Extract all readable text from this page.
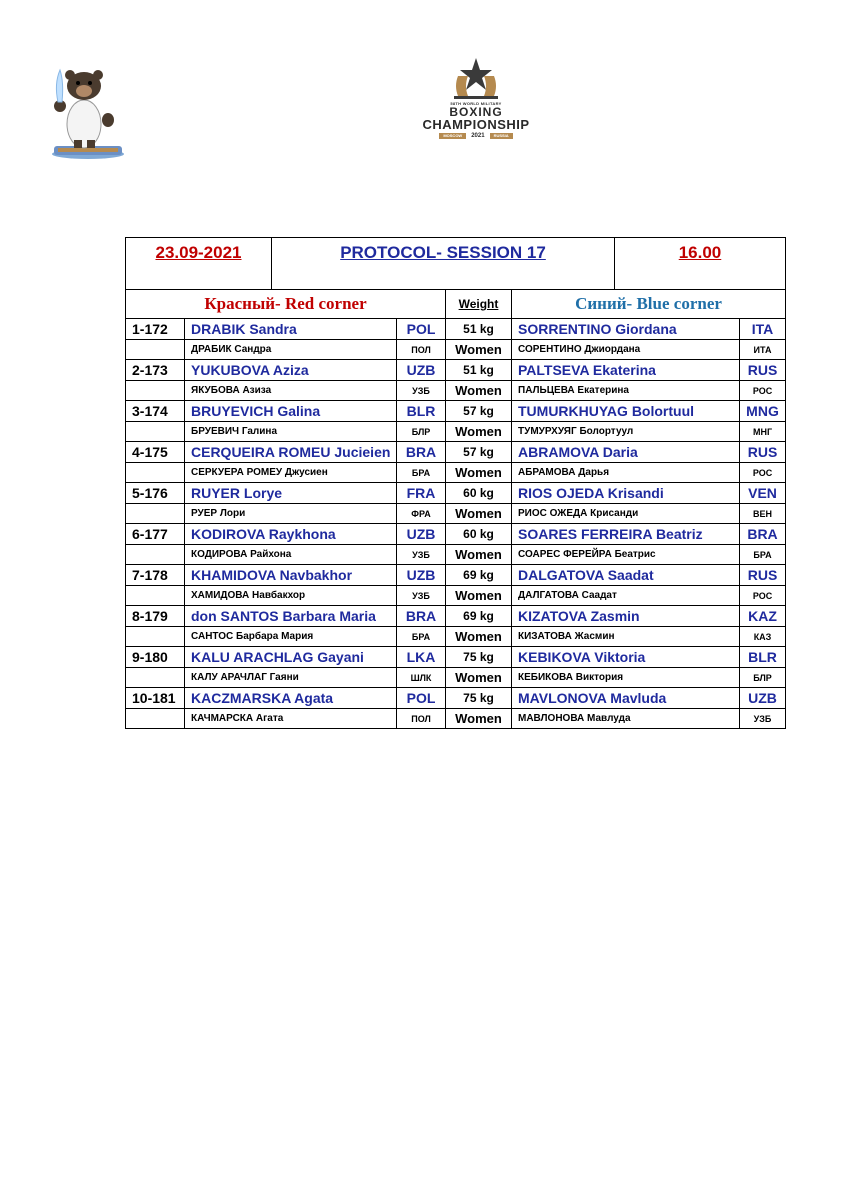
58TH WORLD MILITARY
BOXING
CHAMPIONSHIP
MOSCOW	2021	RUSSIA
23.09-2021	PROTOCOL- SESSION 17	16.00
Красный- Red corner			Weight	Синий- Blue corner	
1-172	DRABIK Sandra	POL	51 kg	SORRENTINO Giordana	ITA
	ДРАБИК Сандра	ПОЛ	Women	СОРЕНТИНО Джиордана	ИТА
2-173	YUKUBOVA Aziza	UZB	51 kg	PALTSEVA Ekaterina	RUS
	ЯКУБОВА Азиза	УЗБ	Women	ПАЛЬЦЕВА Екатерина	РОС
3-174	BRUYEVICH Galina	BLR	57 kg	TUMURKHUYAG Bolortuul	MNG
	БРУЕВИЧ Галина	БЛР	Women	ТУМУРХУЯГ Болортуул	МНГ
4-175	CERQUEIRA ROMEU Jucieien	BRA	57 kg	ABRAMOVA Daria	RUS
	СЕРКУЕРА РОМЕУ Джусиен	БРА	Women	АБРАМОВА Дарья	РОС
5-176	RUYER Lorye	FRA	60 kg	RIOS OJEDA Krisandi	VEN
	РУЕР Лори	ФРА	Women	РИОС ОЖЕДА Крисанди	ВЕН
6-177	KODIROVA Raykhona	UZB	60 kg	SOARES FERREIRA Beatriz	BRA
	КОДИРОВА Райхона	УЗБ	Women	СОАРЕС ФЕРЕЙРА Беатрис	БРА
7-178	KHAMIDOVA Navbakhor	UZB	69 kg	DALGATOVA Saadat	RUS
	ХАМИДОВА Навбакхор	УЗБ	Women	ДАЛГАТОВА Саадат	РОС
8-179	don SANTOS Barbara Maria	BRA	69 kg	KIZATOVA Zasmin	KAZ
	САНТОС Барбара Мария	БРА	Women	КИЗАТОВА Жасмин	КАЗ
9-180	KALU ARACHLAG Gayani	LKA	75 kg	KEBIKOVA Viktoria	BLR
	КАЛУ АРАЧЛАГ Гаяни	ШЛК	Women	КЕБИКОВА Виктория	БЛР
10-181	KACZMARSKA Agata	POL	75 kg	MAVLONOVA Mavluda	UZB
	КАЧМАРСКА Агата	ПОЛ	Women	МАВЛОНОВА Мавлуда	УЗБ
